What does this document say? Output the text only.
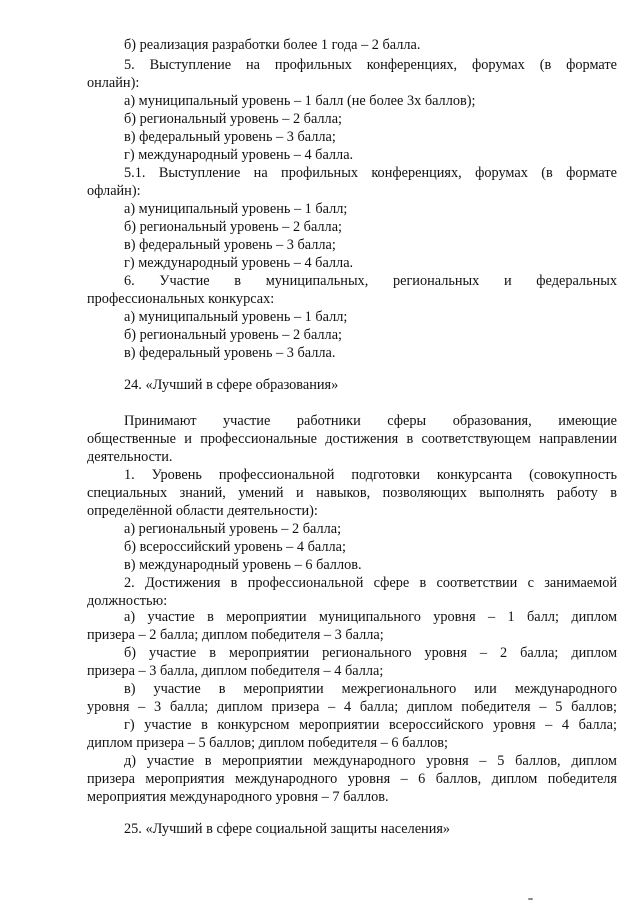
б) реализация разработки более 1 года – 2 балла.
5. Выступление на профильных конференциях, форумах (в формате
онлайн):
а) муниципальный уровень – 1 балл (не более 3х баллов);
б) региональный уровень – 2 балла;
в) федеральный уровень – 3 балла;
г) международный уровень – 4 балла.
5.1. Выступление на профильных конференциях, форумах (в формате
офлайн):
а) муниципальный уровень – 1 балл;
б) региональный уровень – 2 балла;
в) федеральный уровень – 3 балла;
г) международный уровень – 4 балла.
6. Участие в муниципальных, региональных и федеральных
профессиональных конкурсах:
а) муниципальный уровень – 1 балл;
б) региональный уровень – 2 балла;
в) федеральный уровень – 3 балла.
24. «Лучший в сфере образования»
Принимают участие работники сферы образования, имеющие
общественные и профессиональные достижения в соответствующем направлении
деятельности.
1. Уровень профессиональной подготовки конкурсанта (совокупность
специальных знаний, умений и навыков, позволяющих выполнять работу в
определённой области деятельности):
а) региональный уровень – 2 балла;
б) всероссийский уровень – 4 балла;
в) международный уровень – 6 баллов.
2. Достижения в профессиональной сфере в соответствии с занимаемой
должностью:
а) участие в мероприятии муниципального уровня – 1 балл; диплом
призера – 2 балла; диплом победителя – 3 балла;
б) участие в мероприятии регионального уровня – 2 балла; диплом
призера – 3 балла, диплом победителя – 4 балла;
в) участие в мероприятии межрегионального или международного
уровня – 3 балла; диплом призера – 4 балла; диплом победителя – 5 баллов;
г) участие в конкурсном мероприятии всероссийского уровня – 4 балла;
диплом призера – 5 баллов; диплом победителя – 6 баллов;
д) участие в мероприятии международного уровня – 5 баллов, диплом
призера мероприятия международного уровня – 6 баллов, диплом победителя
мероприятия международного уровня – 7 баллов.
25. «Лучший в сфере социальной защиты населения»
